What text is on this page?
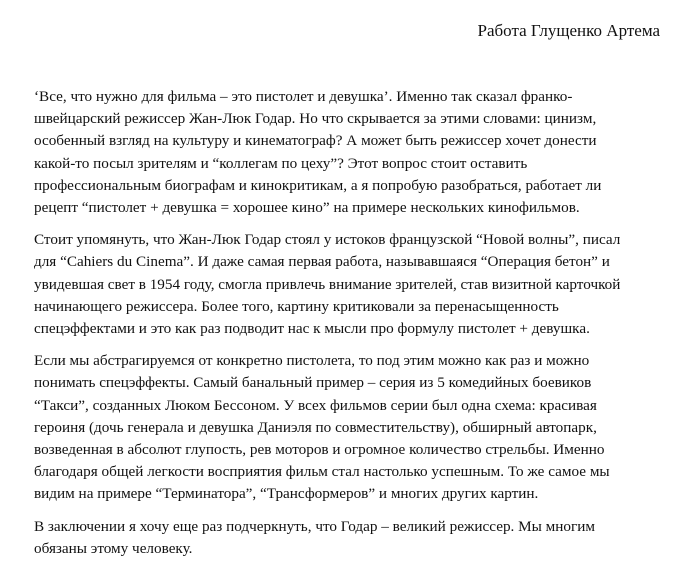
Работа Глущенко Артема

‘Все, что нужно для фильма – это пистолет и девушка’. Именно так сказал франко-
швейцарский режиссер Жан-Люк Годар. Но что скрывается за этими словами: цинизм,
особенный взгляд на культуру и кинематограф? А может быть режиссер хочет донести
какой-то посыл зрителям и “коллегам по цеху”? Этот вопрос стоит оставить
профессиональным биографам и кинокритикам, а я попробую разобраться, работает ли
рецепт “пистолет + девушка = хорошее кино” на примере нескольких кинофильмов.

Стоит упомянуть, что Жан-Люк Годар стоял у истоков французской “Новой волны”, писал
для “Cahiers du Cinema”. И даже самая первая работа, называвшаяся “Операция бетон” и
увидевшая свет в 1954 году, смогла привлечь внимание зрителей, став визитной карточкой
начинающего режиссера. Более того, картину критиковали за перенасыщенность
спецэффектами и это как раз подводит нас к мысли про формулу пистолет + девушка.

Если мы абстрагируемся от конкретно пистолета, то под этим можно как раз и можно
понимать спецэффекты. Самый банальный пример – серия из 5 комедийных боевиков
“Такси”, созданных Люком Бессоном. У всех фильмов серии был одна схема: красивая
героиня (дочь генерала и девушка Даниэля по совместительству), обширный автопарк,
возведенная в абсолют глупость, рев моторов и огромное количество стрельбы. Именно
благодаря общей легкости восприятия фильм стал настолько успешным. То же самое мы
видим на примере “Терминатора”, “Трансформеров” и многих других картин.

В заключении я хочу еще раз подчеркнуть, что Годар – великий режиссер. Мы многим
обязаны этому человеку.
